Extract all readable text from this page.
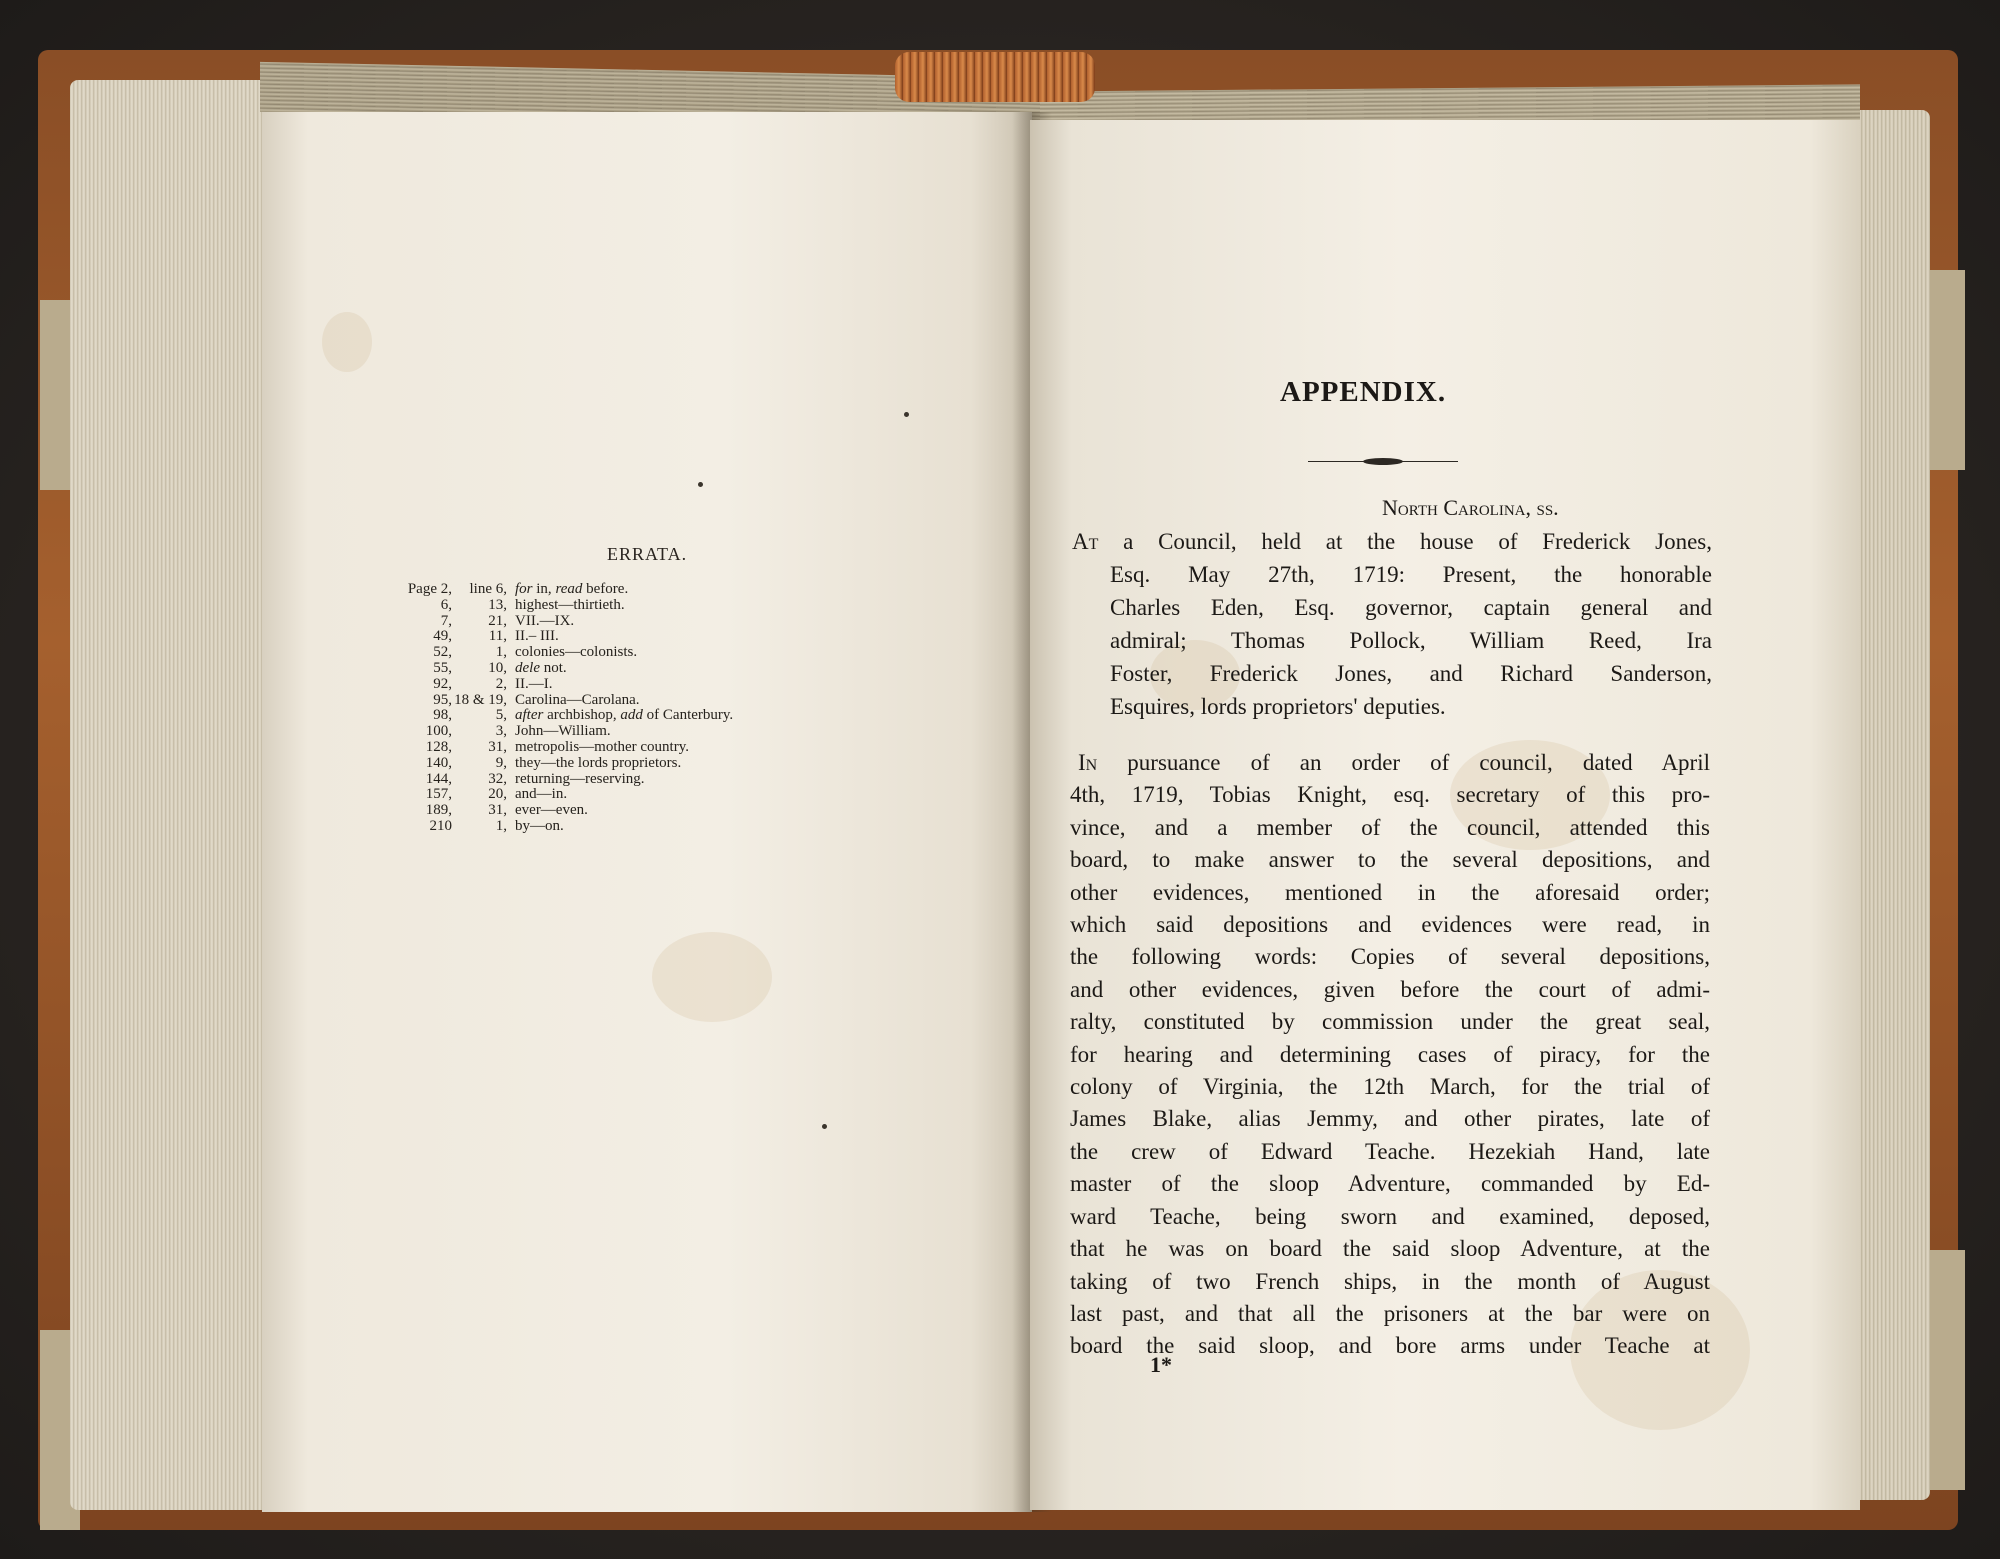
ERRATA.
Page 2,	line 6, for in, read before.
6,	13, highest—thirtieth.
7,	21, VII.—IX.
49,	11, II.– III.
52,	1, colonies—colonists.
55,	10, dele not.
92,	2, II.—I.
95, 18 & 19, Carolina—Carolana.
98,	5, after archbishop, add of Canterbury.
100,	3, John—William.
128,	31, metropolis—mother country.
140,	9, they—the lords proprietors.
144,	32, returning—reserving.
157,	20, and—in.
189,	31, ever—even.
210	1, by—on.
APPENDIX.
North Carolina, ss.
At a Council, held at the house of Frederick Jones,
Esq. May 27th, 1719: Present, the honorable
Charles Eden, Esq. governor, captain general and
admiral; Thomas Pollock, William Reed, Ira
Foster, Frederick Jones, and Richard Sanderson,
Esquires, lords proprietors' deputies.
In pursuance of an order of council, dated April
4th, 1719, Tobias Knight, esq. secretary of this pro-
vince, and a member of the council, attended this
board, to make answer to the several depositions, and
other evidences, mentioned in the aforesaid order;
which said depositions and evidences were read, in
the following words: Copies of several depositions,
and other evidences, given before the court of admi-
ralty, constituted by commission under the great seal,
for hearing and determining cases of piracy, for the
colony of Virginia, the 12th March, for the trial of
James Blake, alias Jemmy, and other pirates, late of
the crew of Edward Teache. Hezekiah Hand, late
master of the sloop Adventure, commanded by Ed-
ward Teache, being sworn and examined, deposed,
that he was on board the said sloop Adventure, at the
taking of two French ships, in the month of August
last past, and that all the prisoners at the bar were on
board the said sloop, and bore arms under Teache at
1*
